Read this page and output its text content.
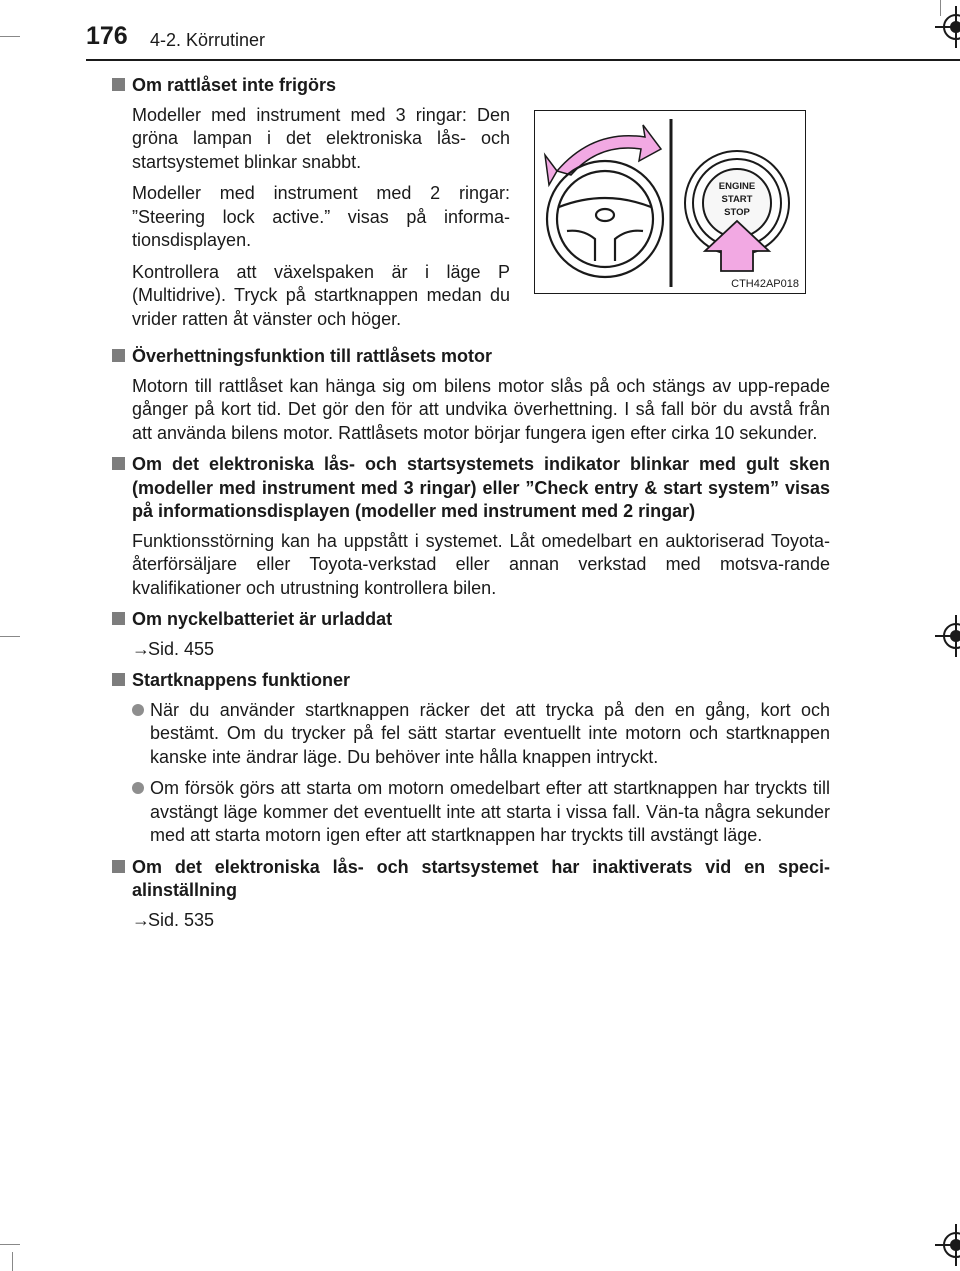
176 4-2. Körrutiner
ENGINE
START
STOP
CTH42AP018
Om rattlåset inte frigörs
Modeller med instrument med 3 ringar: Den gröna lampan i det elektroniska lås- och startsystemet blinkar snabbt.
Modeller med instrument med 2 ringar: ”Steering lock active.” visas på informa-tionsdisplayen.
Kontrollera att växelspaken är i läge P (Multidrive). Tryck på startknappen medan du vrider ratten åt vänster och höger.
Överhettningsfunktion till rattlåsets motor
Motorn till rattlåset kan hänga sig om bilens motor slås på och stängs av upp-repade gånger på kort tid. Det gör den för att undvika överhettning. I så fall bör du avstå från att använda bilens motor. Rattlåsets motor börjar fungera igen efter cirka 10 sekunder.
Om det elektroniska lås- och startsystemets indikator blinkar med gult sken (modeller med instrument med 3 ringar) eller ”Check entry & start system” visas på informationsdisplayen (modeller med instrument med 2 ringar)
Funktionsstörning kan ha uppstått i systemet. Låt omedelbart en auktoriserad Toyota-återförsäljare eller Toyota-verkstad eller annan verkstad med motsva-rande kvalifikationer och utrustning kontrollera bilen.
Om nyckelbatteriet är urladdat
→Sid. 455
Startknappens funktioner
När du använder startknappen räcker det att trycka på den en gång, kort och bestämt. Om du trycker på fel sätt startar eventuellt inte motorn och startknappen kanske inte ändrar läge. Du behöver inte hålla knappen intryckt.
Om försök görs att starta om motorn omedelbart efter att startknappen har tryckts till avstängt läge kommer det eventuellt inte att starta i vissa fall. Vän-ta några sekunder med att starta motorn igen efter att startknappen har tryckts till avstängt läge.
Om det elektroniska lås- och startsystemet har inaktiverats vid en speci-alinställning
→Sid. 535
